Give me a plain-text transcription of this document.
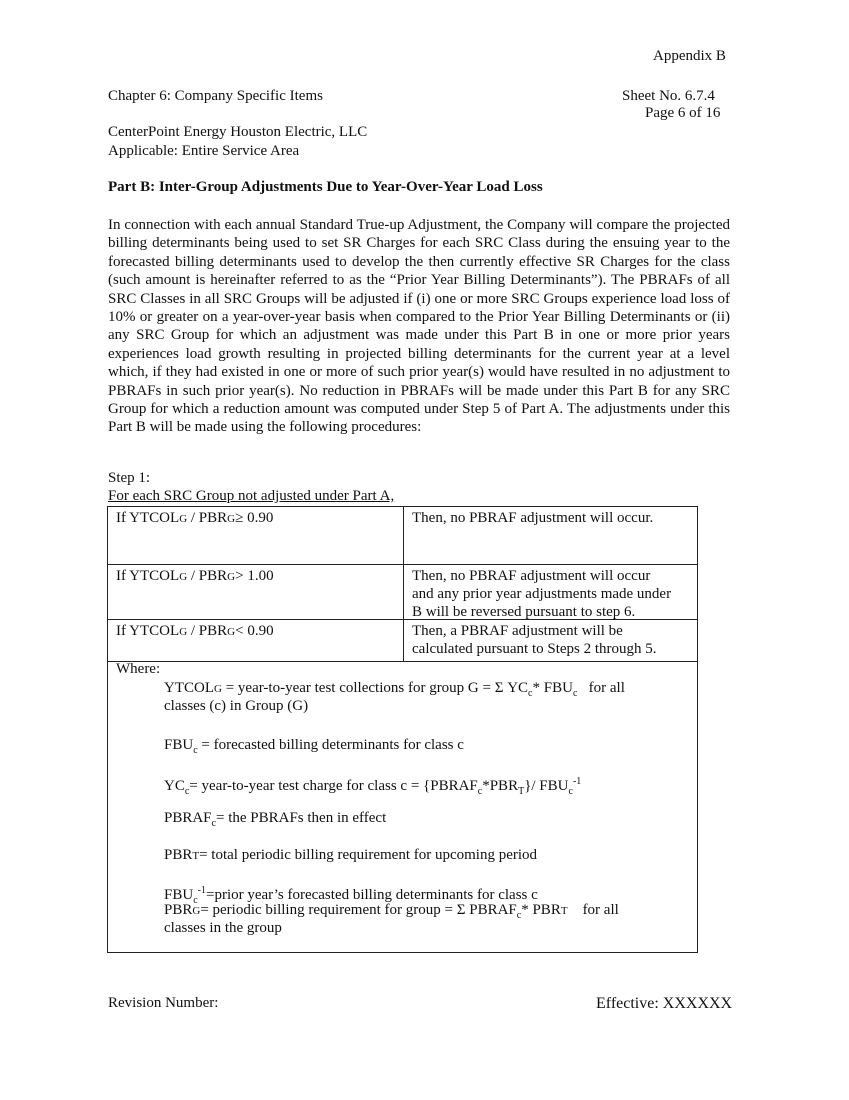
Appendix B
Chapter 6: Company Specific Items	Sheet No. 6.7.4
Page 6 of 16
CenterPoint Energy Houston Electric, LLC
Applicable: Entire Service Area
Part B: Inter-Group Adjustments Due to Year-Over-Year Load Loss
In connection with each annual Standard True-up Adjustment, the Company will compare the projected billing determinants being used to set SR Charges for each SRC Class during the ensuing year to the forecasted billing determinants used to develop the then currently effective SR Charges for the class (such amount is hereinafter referred to as the “Prior Year Billing Determinants”). The PBRAFs of all SRC Classes in all SRC Groups will be adjusted if (i) one or more SRC Groups experience load loss of 10% or greater on a year-over-year basis when compared to the Prior Year Billing Determinants or (ii) any SRC Group for which an adjustment was made under this Part B in one or more prior years experiences load growth resulting in projected billing determinants for the current year at a level which, if they had existed in one or more of such prior year(s) would have resulted in no adjustment to PBRAFs in such prior year(s). No reduction in PBRAFs will be made under this Part B for any SRC Group for which a reduction amount was computed under Step 5 of Part A. The adjustments under this Part B will be made using the following procedures:
Step 1:
For each SRC Group not adjusted under Part A,
If YTCOLG / PBRG≥ 0.90	Then, no PBRAF adjustment will occur.
If YTCOLG / PBRG> 1.00	Then, no PBRAF adjustment will occur
and any prior year adjustments made under
B will be reversed pursuant to step 6.
If YTCOLG / PBRG< 0.90	Then, a PBRAF adjustment will be
calculated pursuant to Steps 2 through 5.
Where:
YTCOLG = year-to-year test collections for group G = Σ $YC_c*$ $FBU_c$   for all
classes (c) in Group (G)
$FBU_c$ = forecasted billing determinants for class c
$YC_c=$ year-to-year test charge for class $c = \{PBRAF_c*PBR_T\}/$ $FBU_c^{-1}$
$PBRAF_c=$ the PBRAFs then in effect
PBRT= total periodic billing requirement for upcoming period
$FBU_c^{-1}=prior$ year’s forecasted billing determinants for class c
PBRG= periodic billing requirement for group = Σ $PBRAF_c*$ PBRT    for all
classes in the group
Revision Number:	Effective: XXXXXX
